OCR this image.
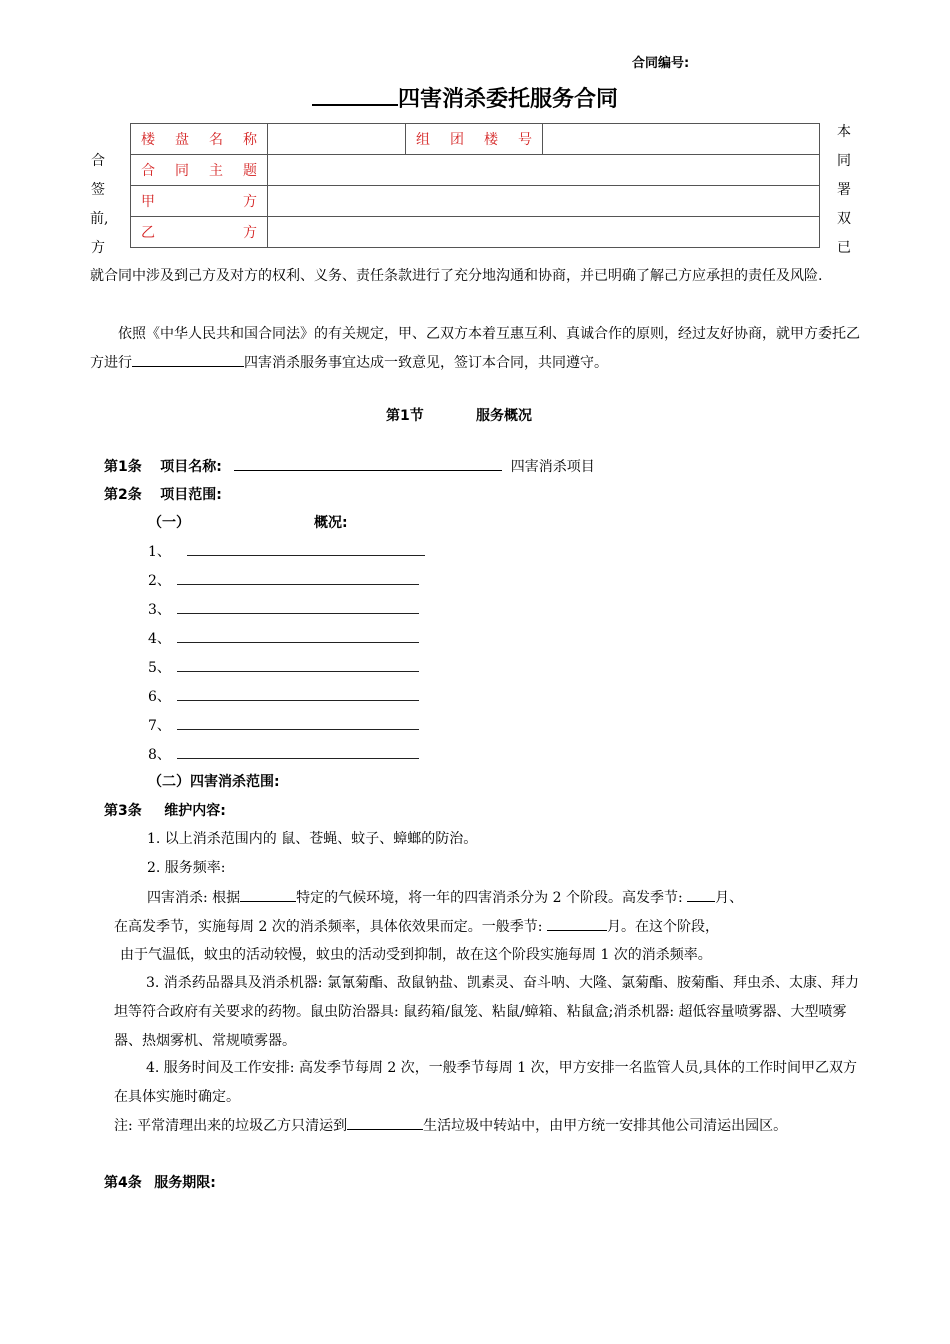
合同编号:
四害消杀委托服务合同
合
签
前,
方
本
同
署
双
已
楼 盘 名 称		组 团 楼 号	

合 同 主 题			

甲 方			

乙 方			

就合同中涉及到己方及对方的权利、义务、责任条款进行了充分地沟通和协商，并已明确了解己方应承担的责任及风险.
依照《中华人民共和国合同法》的有关规定，甲、乙双方本着互惠互利、真诚合作的原则，经过友好协商，就甲方委托乙方进行	四害消杀服务事宜达成一致意见，签订本合同，共同遵守。
第1节	服务概况
第1条 项目名称:	四害消杀项目
第2条 项目范围:
（一）	概况:
1、
2、
3、
4、
5、
6、
7、
8、
（二）四害消杀范围:
第3条 维护内容:
1. 以上消杀范围内的 鼠、苍蝇、蚊子、蟑螂的防治。
2. 服务频率:
四害消杀: 根据	特定的气候环境，将一年的四害消杀分为 2 个阶段。高发季节: 月、
在高发季节，实施每周 2 次的消杀频率，具体依效果而定。一般季节:	月。在这个阶段，
由于气温低，蚊虫的活动较慢，蚊虫的活动受到抑制，故在这个阶段实施每周 1 次的消杀频率。
3. 消杀药品器具及消杀机器: 氯氰菊酯、敌鼠钠盐、凯素灵、奋斗呐、大隆、氯菊酯、胺菊酯、拜虫杀、太康、拜力坦等符合政府有关要求的药物。鼠虫防治器具: 鼠药箱/鼠笼、粘鼠/蟑箱、粘鼠盒;消杀机器: 超低容量喷雾器、大型喷雾器、热烟雾机、常规喷雾器。
4. 服务时间及工作安排: 高发季节每周 2 次，一般季节每周 1 次，甲方安排一名监管人员,具体的工作时间甲乙双方在具体实施时确定。
注: 平常清理出来的垃圾乙方只清运到	生活垃圾中转站中，由甲方统一安排其他公司清运出园区。
第4条 服务期限:
